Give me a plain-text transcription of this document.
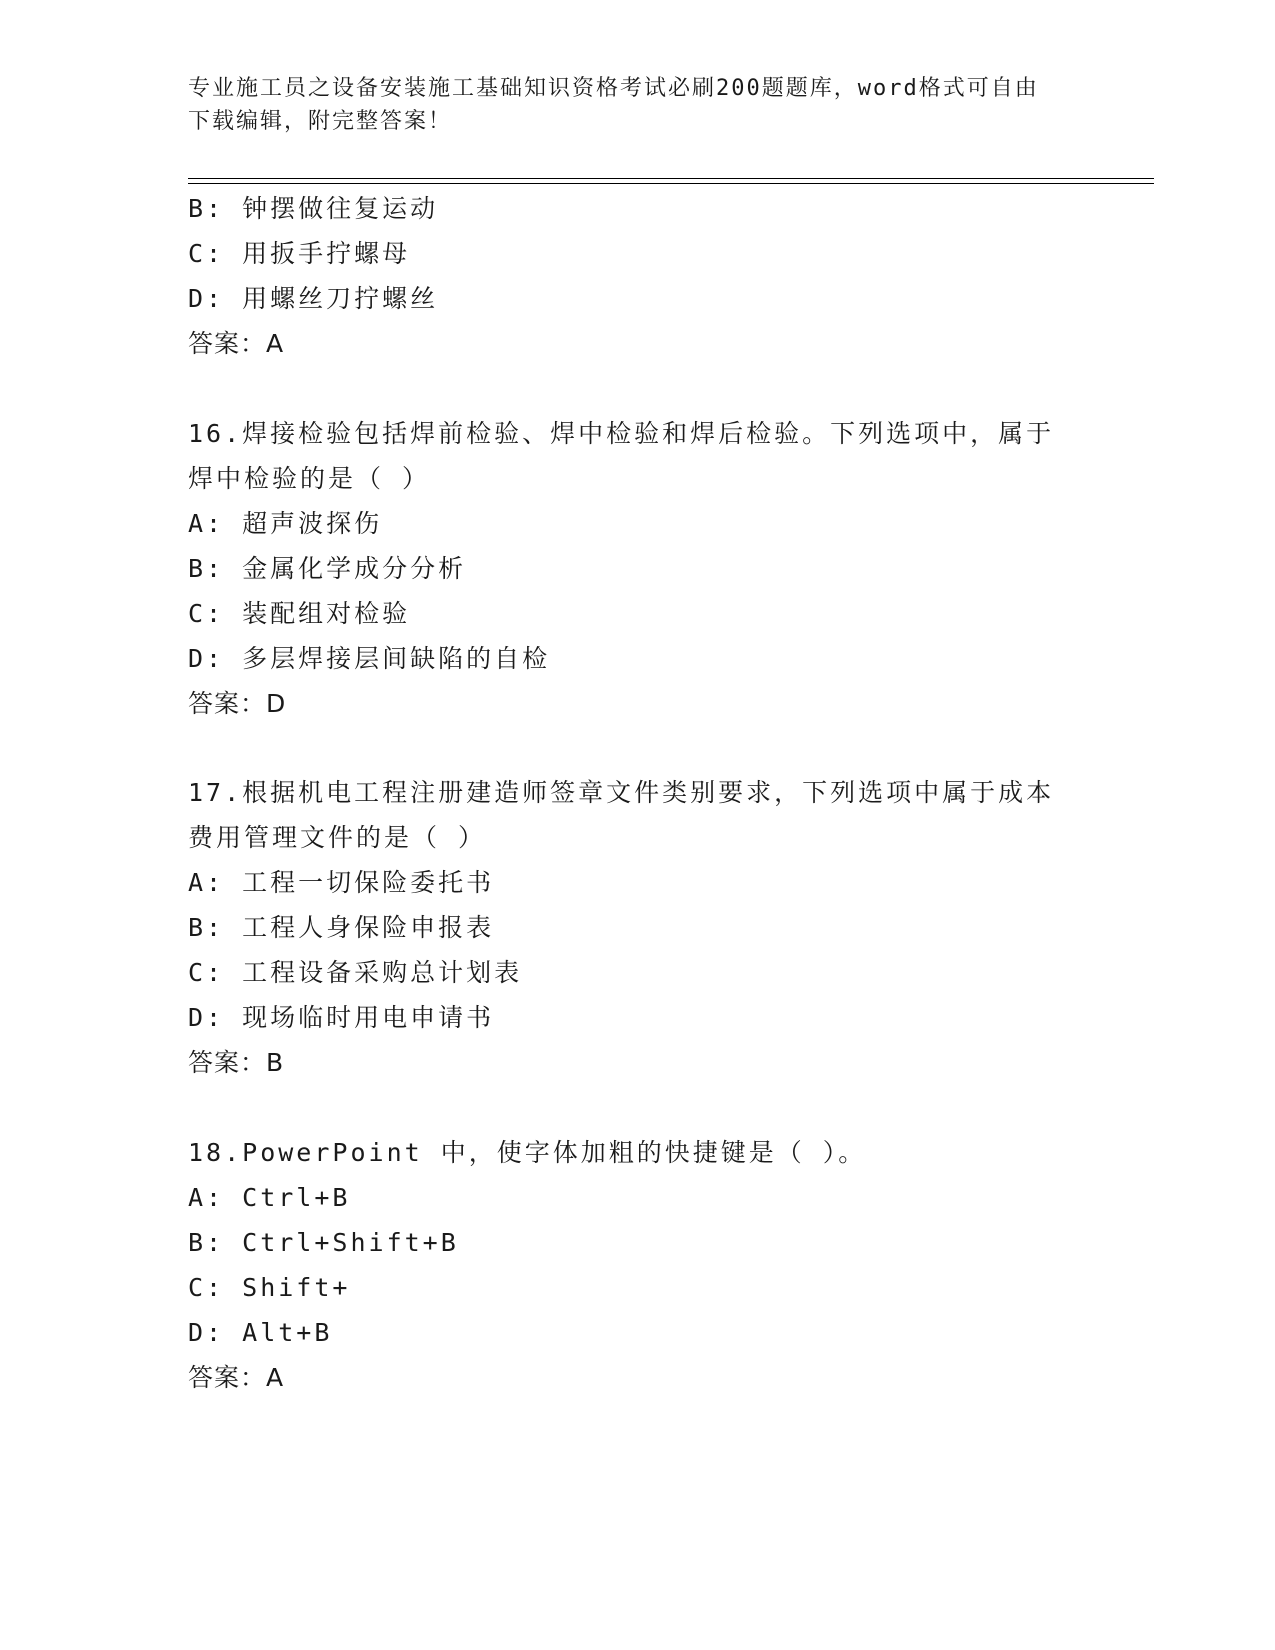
专业施工员之设备安装施工基础知识资格考试必刷200题题库，word格式可自由
下载编辑，附完整答案！
B: 钟摆做往复运动
C: 用扳手拧螺母
D: 用螺丝刀拧螺丝
答案：A
16.焊接检验包括焊前检验、焊中检验和焊后检验。下列选项中，属于
焊中检验的是（ ）
A: 超声波探伤
B: 金属化学成分分析
C: 装配组对检验
D: 多层焊接层间缺陷的自检
答案：D
17.根据机电工程注册建造师签章文件类别要求，下列选项中属于成本
费用管理文件的是（ ）
A: 工程一切保险委托书
B: 工程人身保险申报表
C: 工程设备采购总计划表
D: 现场临时用电申请书
答案：B
18.PowerPoint 中，使字体加粗的快捷键是（ ）。
A: Ctrl+B
B: Ctrl+Shift+B
C: Shift+
D: Alt+B
答案：A
